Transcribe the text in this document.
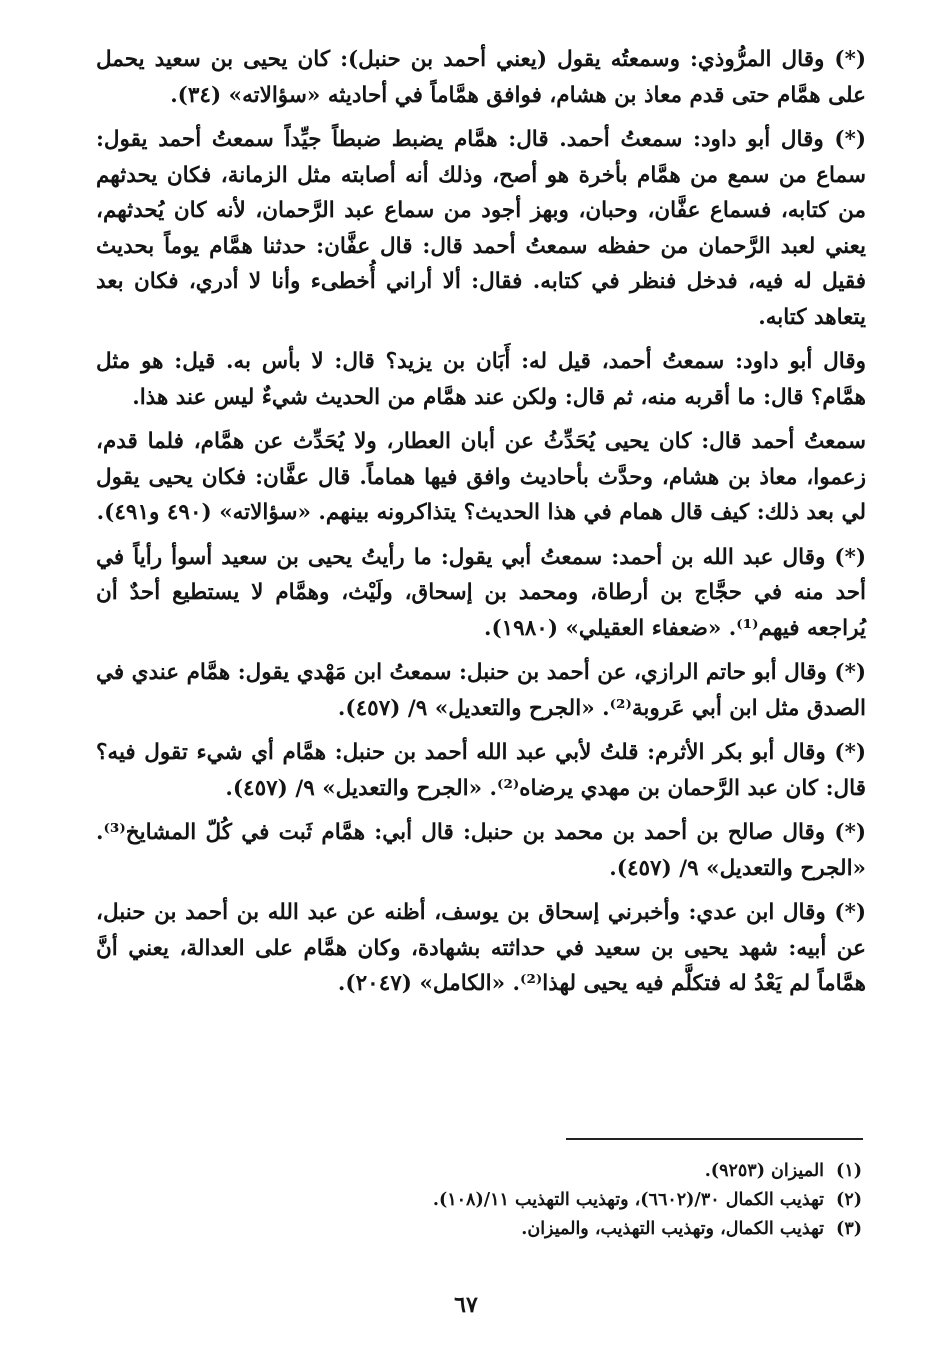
(*) وقال المرُّوذي: وسمعتُه يقول (يعني أحمد بن حنبل): كان يحيى بن سعيد يحمل على همَّام حتى قدم معاذ بن هشام، فوافق همَّاماً في أحاديثه «سؤالاته» (٣٤).

(*) وقال أبو داود: سمعتُ أحمد. قال: همَّام يضبط ضبطاً جيِّداً سمعتُ أحمد يقول: سماع من سمع من همَّام بأخرة هو أصح، وذلك أنه أصابته مثل الزمانة، فكان يحدثهم من كتابه، فسماع عفَّان، وحبان، وبهز أجود من سماع عبد الرَّحمان، لأنه كان يُحدثهم، يعني لعبد الرَّحمان من حفظه سمعتُ أحمد قال: قال عفَّان: حدثنا همَّام يوماً بحديث فقيل له فيه، فدخل فنظر في كتابه. فقال: ألا أراني أُخطىء وأنا لا أدري، فكان بعد يتعاهد كتابه.

وقال أبو داود: سمعتُ أحمد، قيل له: أَبَان بن يزيد؟ قال: لا بأس به. قيل: هو مثل همَّام؟ قال: ما أقربه منه، ثم قال: ولكن عند همَّام من الحديث شيءٌ ليس عند هذا.

سمعتُ أحمد قال: كان يحيى يُحَدِّثُ عن أبان العطار، ولا يُحَدِّث عن همَّام، فلما قدم، زعموا، معاذ بن هشام، وحدَّث بأحاديث وافق فيها هماماً. قال عفَّان: فكان يحيى يقول لي بعد ذلك: كيف قال همام في هذا الحديث؟ يتذاكرونه بينهم. «سؤالاته» (٤٩٠ و٤٩١).

(*) وقال عبد الله بن أحمد: سمعتُ أبي يقول: ما رأيتُ يحيى بن سعيد أسوأ رأياً في أحد منه في حجَّاج بن أرطاة، ومحمد بن إسحاق، ولَيْث، وهمَّام لا يستطيع أحدٌ أن يُراجعه فيهم⁽¹⁾. «ضعفاء العقيلي» (١٩٨٠).

(*) وقال أبو حاتم الرازي، عن أحمد بن حنبل: سمعتُ ابن مَهْدي يقول: همَّام عندي في الصدق مثل ابن أبي عَروبة⁽²⁾. «الجرح والتعديل» ٩/ (٤٥٧).

(*) وقال أبو بكر الأثرم: قلتُ لأبي عبد الله أحمد بن حنبل: همَّام أي شيء تقول فيه؟ قال: كان عبد الرَّحمان بن مهدي يرضاه⁽²⁾. «الجرح والتعديل» ٩/ (٤٥٧).

(*) وقال صالح بن أحمد بن محمد بن حنبل: قال أبي: همَّام ثَبت في كُلّ المشايخ⁽³⁾. «الجرح والتعديل» ٩/ (٤٥٧).

(*) وقال ابن عدي: وأخبرني إسحاق بن يوسف، أظنه عن عبد الله بن أحمد بن حنبل، عن أبيه: شهد يحيى بن سعيد في حداثته بشهادة، وكان همَّام على العدالة، يعني أنَّ همَّاماً لم يَعْدُ له فتكلَّم فيه يحيى لهذا⁽²⁾. «الكامل» (٢٠٤٧).

(١)
الميزان (٩٢٥٣).
(٢)
تهذيب الكمال ٣٠/(٦٦٠٢)، وتهذيب التهذيب ١١/(١٠٨).
(٣)
تهذيب الكمال، وتهذيب التهذيب، والميزان.
٦٧
